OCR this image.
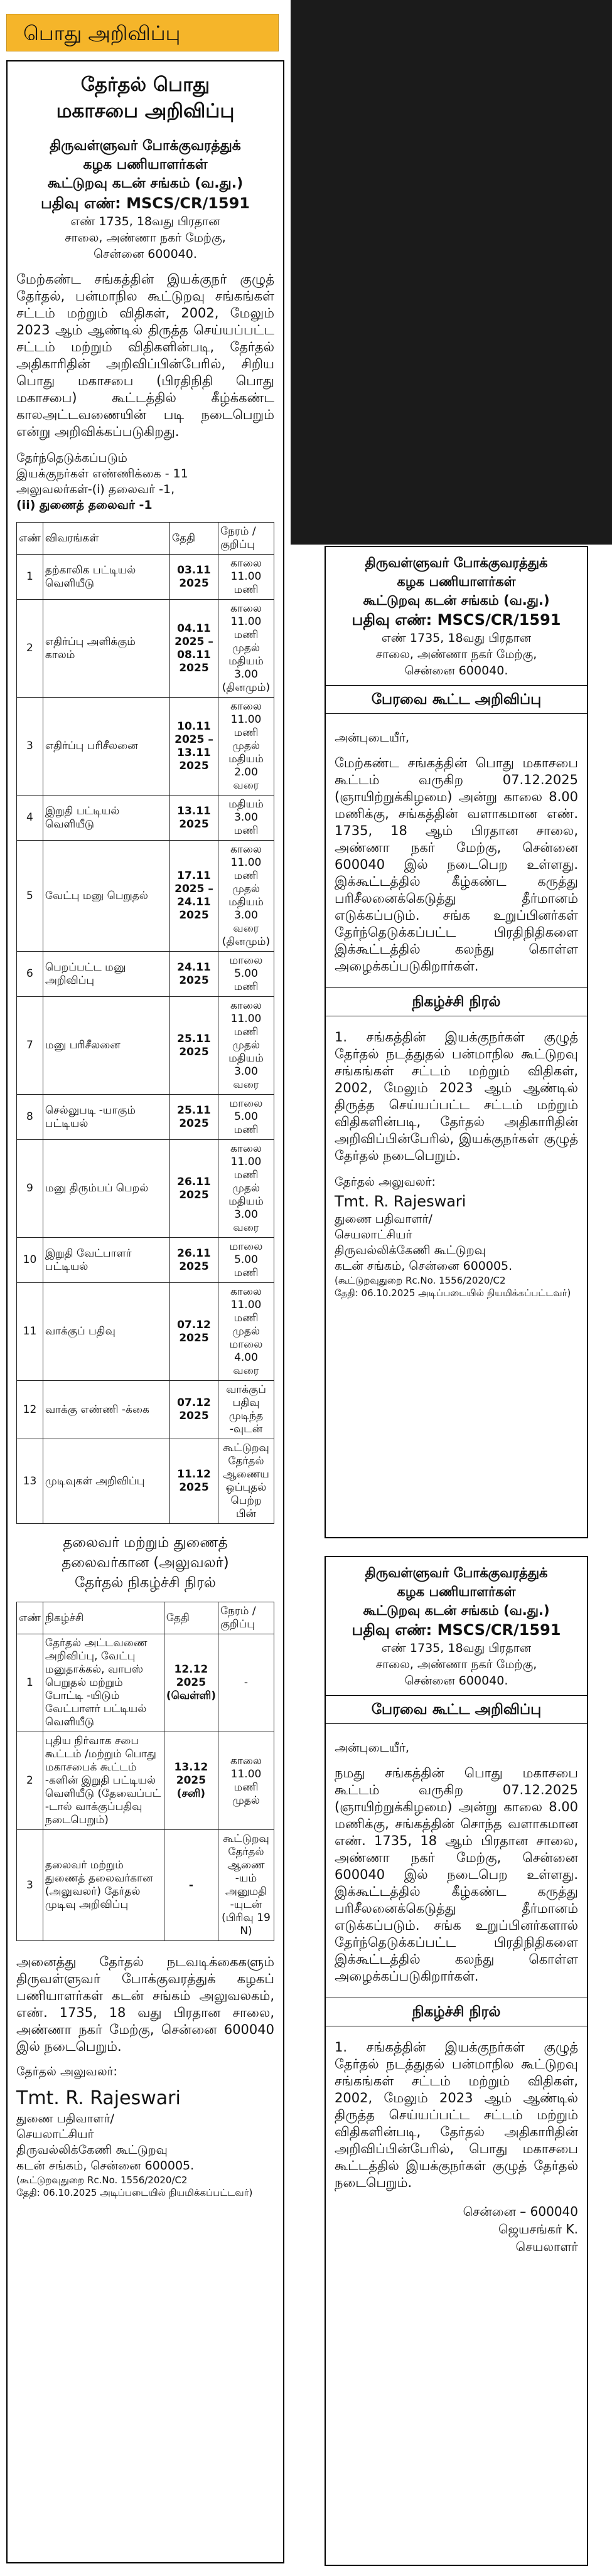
பொது அறிவிப்பு
தேர்தல் பொது
மகாசபை அறிவிப்பு
திருவள்ளுவர் போக்குவரத்துக்
கழக பணியாளர்கள்
கூட்டுறவு கடன் சங்கம் (வ.து.)
பதிவு எண்: MSCS/CR/1591
எண் 1735, 18வது பிரதான
சாலை, அண்ணா நகர் மேற்கு,
சென்னை 600040.
மேற்கண்ட சங்கத்தின் இயக்குநர் குழுத் தேர்தல், பன்மாநில கூட்டுறவு சங்கங்கள் சட்டம் மற்றும் விதிகள், 2002, மேலும் 2023 ஆம் ஆண்டில் திருத்த செய்யப்பட்ட சட்டம் மற்றும் விதிகளின்படி, தேர்தல் அதிகாரிதின் அறிவிப்பின்பேரில், சிறிய பொது மகாசபை (பிரதிநிதி பொது மகாசபை) கூட்டத்தில் கீழ்க்கண்ட காலஅட்டவணையின் படி நடைபெறும் என்று அறிவிக்கப்படுகிறது.
தேர்ந்தெடுக்கப்படும்
இயக்குநர்கள் எண்ணிக்கை - 11
அலுவலர்கள்-(i) தலைவர் -1,
(ii) துணைத் தலைவர் -1
எண்	விவரங்கள்	தேதி	நேரம் / குறிப்பு
1	தற்காலிக பட்டியல் வெளியீடு	03.11 2025	காலை 11.00 மணி
2	எதிர்ப்பு அளிக்கும் காலம்	04.11 2025 – 08.11 2025	காலை 11.00 மணி முதல் மதியம் 3.00 (தினமும்)
3	எதிர்ப்பு பரிசீலனை	10.11 2025 – 13.11 2025	காலை 11.00 மணி முதல் மதியம் 2.00 வரை
4	இறுதி பட்டியல் வெளியீடு	13.11 2025	மதியம் 3.00 மணி
5	வேட்பு மனு பெறுதல்	17.11 2025 – 24.11 2025	காலை 11.00 மணி முதல் மதியம் 3.00 வரை (தினமும்)
6	பெறப்பட்ட மனு அறிவிப்பு	24.11 2025	மாலை 5.00 மணி
7	மனு பரிசீலனை	25.11 2025	காலை 11.00 மணி முதல் மதியம் 3.00 வரை
8	செல்லுபடி -யாகும் பட்டியல்	25.11 2025	மாலை 5.00 மணி
9	மனு திரும்பப் பெறல்	26.11 2025	காலை 11.00 மணி முதல் மதியம் 3.00 வரை
10	இறுதி வேட்பாளர் பட்டியல்	26.11 2025	மாலை 5.00 மணி
11	வாக்குப் பதிவு	07.12 2025	காலை 11.00 மணி முதல் மாலை 4.00 வரை
12	வாக்கு எண்ணி -க்கை	07.12 2025	வாக்குப் பதிவு முடிந்த -வுடன்
13	முடிவுகள் அறிவிப்பு	11.12 2025	கூட்டுறவு தேர்தல் ஆணைய ஒப்புதல் பெற்ற பின்
தலைவர் மற்றும் துணைத்
தலைவர்கான (அலுவலர்)
தேர்தல் நிகழ்ச்சி நிரல்
எண்	நிகழ்ச்சி	தேதி	நேரம் / குறிப்பு
1	தேர்தல் அட்டவணை அறிவிப்பு, வேட்பு மனுதாக்கல், வாபஸ் பெறுதல் மற்றும் போட்டி -யிடும் வேட்பாளர் பட்டியல் வெளியீடு	12.12 2025 (வெள்ளி)	-
2	புதிய நிர்வாக சபை கூட்டம் /மற்றும் பொது மகாசபைக் கூட்டம் -களின் இறுதி பட்டியல் வெளியீடு (தேவைப்பட் -டால் வாக்குப்பதிவு நடைபெறும்)	13.12 2025 (சனி)	காலை 11.00 மணி முதல்
3	தலைவர் மற்றும் துணைத் தலைவர்கான (அலுவலர்) தேர்தல் முடிவு அறிவிப்பு	-	கூட்டுறவு தேர்தல் ஆணை -யம் அனுமதி -யுடன் (பிரிவு 19 N)
அனைத்து தேர்தல் நடவடிக்கைகளும் திருவள்ளுவர் போக்குவரத்துக் கழகப் பணியாளர்கள் கடன் சங்கம் அலுவலகம், எண். 1735, 18 வது பிரதான சாலை, அண்ணா நகர் மேற்கு, சென்னை 600040 இல் நடைபெறும்.
தேர்தல் அலுவலர்:
Tmt. R. Rajeswari
துணை பதிவாளர்/
செயலாட்சியர்
திருவல்லிக்கேணி கூட்டுறவு
கடன் சங்கம், சென்னை 600005.
(கூட்டுறவுதுறை Rc.No. 1556/2020/C2
தேதி: 06.10.2025 அடிப்படையில் நியமிக்கப்பட்டவர்)
திருவள்ளுவர் போக்குவரத்துக்
கழக பணியாளர்கள்
கூட்டுறவு கடன் சங்கம் (வ.து.)
பதிவு எண்: MSCS/CR/1591
எண் 1735, 18வது பிரதான
சாலை, அண்ணா நகர் மேற்கு,
சென்னை 600040.
பேரவை கூட்ட அறிவிப்பு
அன்புடையீர்,
மேற்கண்ட சங்கத்தின் பொது மகாசபை கூட்டம் வருகிற 07.12.2025 (ஞாயிற்றுக்கிழமை) அன்று காலை 8.00 மணிக்கு, சங்கத்தின் வளாகமான எண். 1735, 18 ஆம் பிரதான சாலை, அண்ணா நகர் மேற்கு, சென்னை 600040 இல் நடைபெற உள்ளது. இக்கூட்டத்தில் கீழ்கண்ட கருத்து பரிசீலனைக்கெடுத்து தீர்மானம் எடுக்கப்படும். சங்க உறுப்பினர்கள் தேர்ந்தெடுக்கப்பட்ட பிரதிநிதிகளை இக்கூட்டத்தில் கலந்து கொள்ள அழைக்கப்படுகிறார்கள்.
நிகழ்ச்சி நிரல்
1. சங்கத்தின் இயக்குநர்கள் குழுத் தேர்தல் நடத்துதல் பன்மாநில கூட்டுறவு சங்கங்கள் சட்டம் மற்றும் விதிகள், 2002, மேலும் 2023 ஆம் ஆண்டில் திருத்த செய்யப்பட்ட சட்டம் மற்றும் விதிகளின்படி, தேர்தல் அதிகாரிதின் அறிவிப்பின்பேரில், இயக்குநர்கள் குழுத் தேர்தல் நடைபெறும்.
தேர்தல் அலுவலர்:
Tmt. R. Rajeswari
துணை பதிவாளர்/
செயலாட்சியர்
திருவல்லிக்கேணி கூட்டுறவு
கடன் சங்கம், சென்னை 600005.
(கூட்டுறவுதுறை Rc.No. 1556/2020/C2
தேதி: 06.10.2025 அடிப்படையில் நியமிக்கப்பட்டவர்)
திருவள்ளுவர் போக்குவரத்துக்
கழக பணியாளர்கள்
கூட்டுறவு கடன் சங்கம் (வ.து.)
பதிவு எண்: MSCS/CR/1591
எண் 1735, 18வது பிரதான
சாலை, அண்ணா நகர் மேற்கு,
சென்னை 600040.
பேரவை கூட்ட அறிவிப்பு
அன்புடையீர்,
நமது சங்கத்தின் பொது மகாசபை கூட்டம் வருகிற 07.12.2025 (ஞாயிற்றுக்கிழமை) அன்று காலை 8.00 மணிக்கு, சங்கத்தின் சொந்த வளாகமான எண். 1735, 18 ஆம் பிரதான சாலை, அண்ணா நகர் மேற்கு, சென்னை 600040 இல் நடைபெற உள்ளது. இக்கூட்டத்தில் கீழ்கண்ட கருத்து பரிசீலனைக்கெடுத்து தீர்மானம் எடுக்கப்படும். சங்க உறுப்பினர்களால் தேர்ந்தெடுக்கப்பட்ட பிரதிநிதிகளை இக்கூட்டத்தில் கலந்து கொள்ள அழைக்கப்படுகிறார்கள்.
நிகழ்ச்சி நிரல்
1. சங்கத்தின் இயக்குநர்கள் குழுத் தேர்தல் நடத்துதல் பன்மாநில கூட்டுறவு சங்கங்கள் சட்டம் மற்றும் விதிகள், 2002, மேலும் 2023 ஆம் ஆண்டில் திருத்த செய்யப்பட்ட சட்டம் மற்றும் விதிகளின்படி, தேர்தல் அதிகாரிதின் அறிவிப்பின்பேரில், பொது மகாசபை கூட்டத்தில் இயக்குநர்கள் குழுத் தேர்தல் நடைபெறும்.
சென்னை – 600040
ஜெயசங்கர் K.
செயலாளர்
